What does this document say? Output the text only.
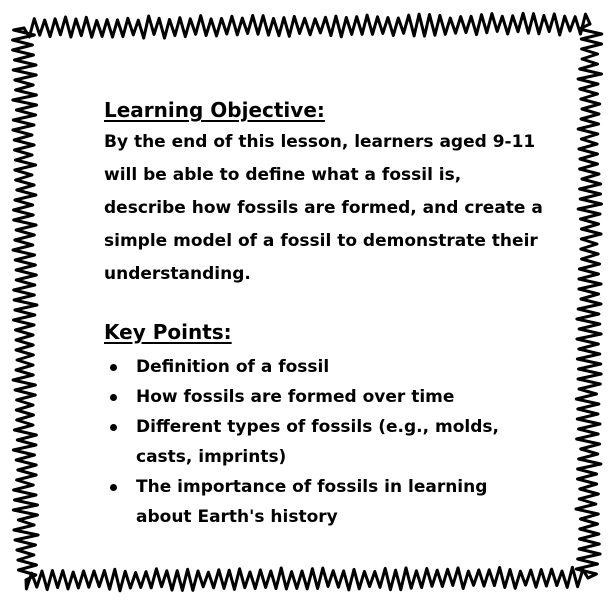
Learning Objective:
By the end of this lesson, learners aged 9-11
will be able to define what a fossil is,
describe how fossils are formed, and create a
simple model of a fossil to demonstrate their
understanding.
Key Points:
Definition of a fossil
How fossils are formed over time
Different types of fossils (e.g., molds,
casts, imprints)
The importance of fossils in learning
about Earth's history
